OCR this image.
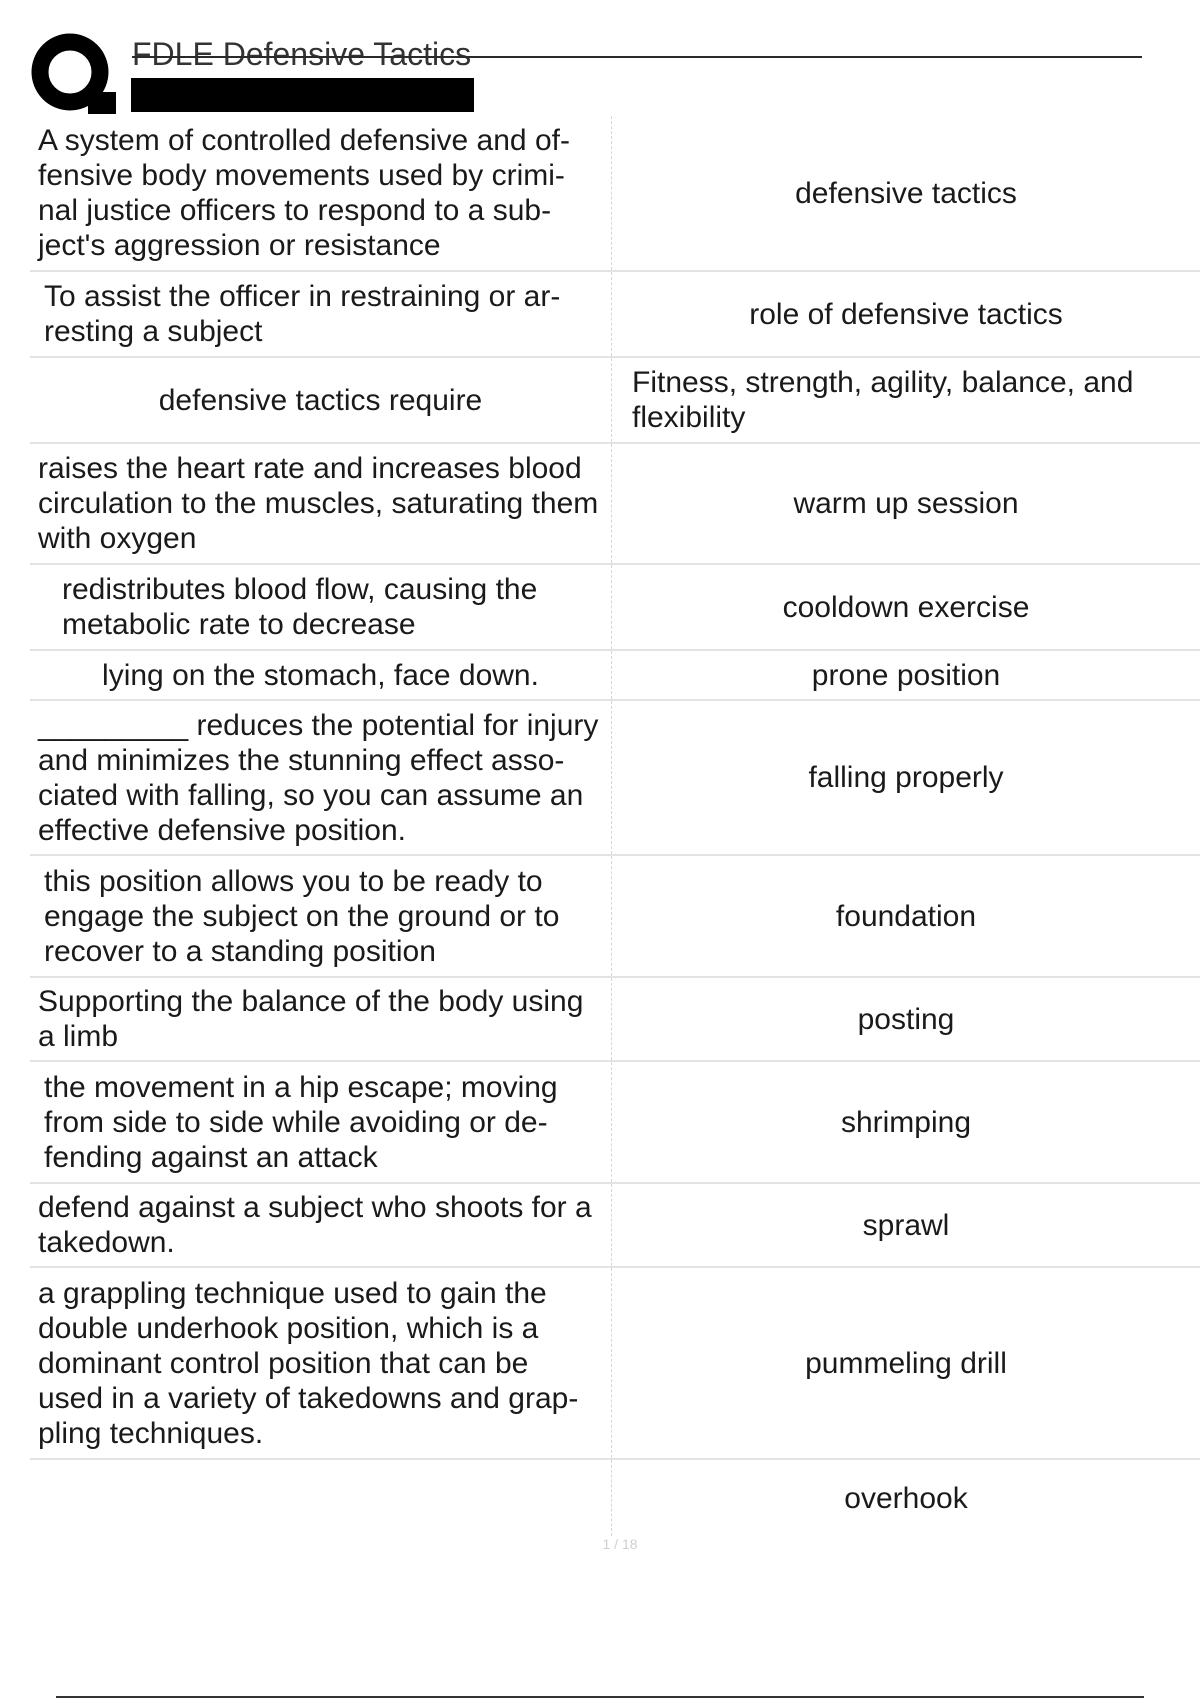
FDLE Defensive Tactics
A system of controlled defensive and of-fensive body movements used by crimi-nal justice officers to respond to a sub-ject's aggression or resistance
defensive tactics
To assist the officer in restraining or ar-resting a subject
role of defensive tactics
defensive tactics require
Fitness, strength, agility, balance, and flexibility
raises the heart rate and increases blood circulation to the muscles, saturating them with oxygen
warm up session
redistributes blood flow, causing the metabolic rate to decrease
cooldown exercise
lying on the stomach, face down.	prone position
_________ reduces the potential for injury and minimizes the stunning effect asso-ciated with falling, so you can assume an effective defensive position.
falling properly
this position allows you to be ready to engage the subject on the ground or to recover to a standing position
foundation
Supporting the balance of the body using a limb
posting
the movement in a hip escape; moving from side to side while avoiding or de-fending against an attack
shrimping
defend against a subject who shoots for a takedown.
sprawl
a grappling technique used to gain the double underhook position, which is a dominant control position that can be used in a variety of takedowns and grap-pling techniques.
pummeling drill
overhook
1 / 18
